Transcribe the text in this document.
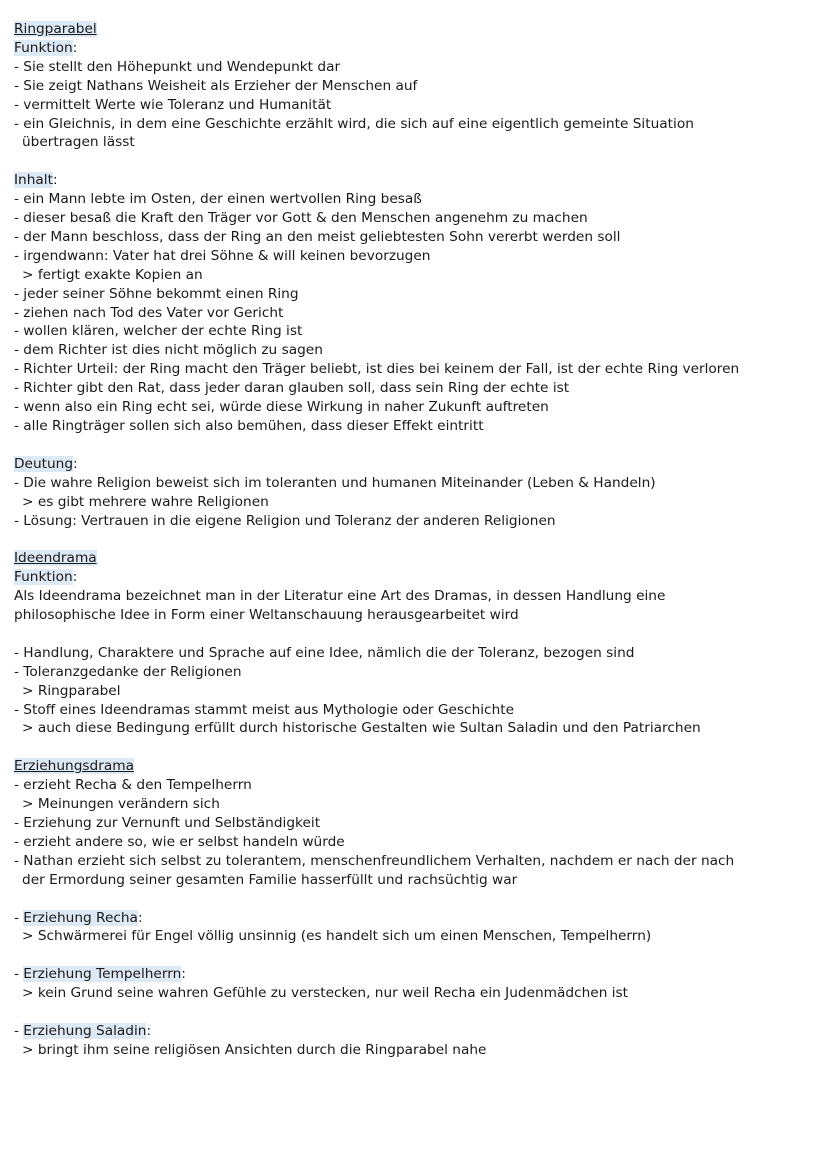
Ringparabel
Funktion:
- Sie stellt den Höhepunkt und Wendepunkt dar
- Sie zeigt Nathans Weisheit als Erzieher der Menschen auf
- vermittelt Werte wie Toleranz und Humanität
- ein Gleichnis, in dem eine Geschichte erzählt wird, die sich auf eine eigentlich gemeinte Situation
übertragen lässt
Inhalt:
- ein Mann lebte im Osten, der einen wertvollen Ring besaß
- dieser besaß die Kraft den Träger vor Gott & den Menschen angenehm zu machen
- der Mann beschloss, dass der Ring an den meist geliebtesten Sohn vererbt werden soll
- irgendwann: Vater hat drei Söhne & will keinen bevorzugen
> fertigt exakte Kopien an
- jeder seiner Söhne bekommt einen Ring
- ziehen nach Tod des Vater vor Gericht
- wollen klären, welcher der echte Ring ist
- dem Richter ist dies nicht möglich zu sagen
- Richter Urteil: der Ring macht den Träger beliebt, ist dies bei keinem der Fall, ist der echte Ring verloren
- Richter gibt den Rat, dass jeder daran glauben soll, dass sein Ring der echte ist
- wenn also ein Ring echt sei, würde diese Wirkung in naher Zukunft auftreten
- alle Ringträger sollen sich also bemühen, dass dieser Effekt eintritt
Deutung:
- Die wahre Religion beweist sich im toleranten und humanen Miteinander (Leben & Handeln)
> es gibt mehrere wahre Religionen
- Lösung: Vertrauen in die eigene Religion und Toleranz der anderen Religionen
Ideendrama
Funktion:
Als Ideendrama bezeichnet man in der Literatur eine Art des Dramas, in dessen Handlung eine
philosophische Idee in Form einer Weltanschauung herausgearbeitet wird
- Handlung, Charaktere und Sprache auf eine Idee, nämlich die der Toleranz, bezogen sind
- Toleranzgedanke der Religionen
> Ringparabel
- Stoff eines Ideendramas stammt meist aus Mythologie oder Geschichte
> auch diese Bedingung erfüllt durch historische Gestalten wie Sultan Saladin und den Patriarchen
Erziehungsdrama
- erzieht Recha & den Tempelherrn
> Meinungen verändern sich
- Erziehung zur Vernunft und Selbständigkeit
- erzieht andere so, wie er selbst handeln würde
- Nathan erzieht sich selbst zu tolerantem, menschenfreundlichem Verhalten, nachdem er nach der nach
der Ermordung seiner gesamten Familie hasserfüllt und rachsüchtig war
- Erziehung Recha:
> Schwärmerei für Engel völlig unsinnig (es handelt sich um einen Menschen, Tempelherrn)
- Erziehung Tempelherrn:
> kein Grund seine wahren Gefühle zu verstecken, nur weil Recha ein Judenmädchen ist
- Erziehung Saladin:
> bringt ihm seine religiösen Ansichten durch die Ringparabel nahe
